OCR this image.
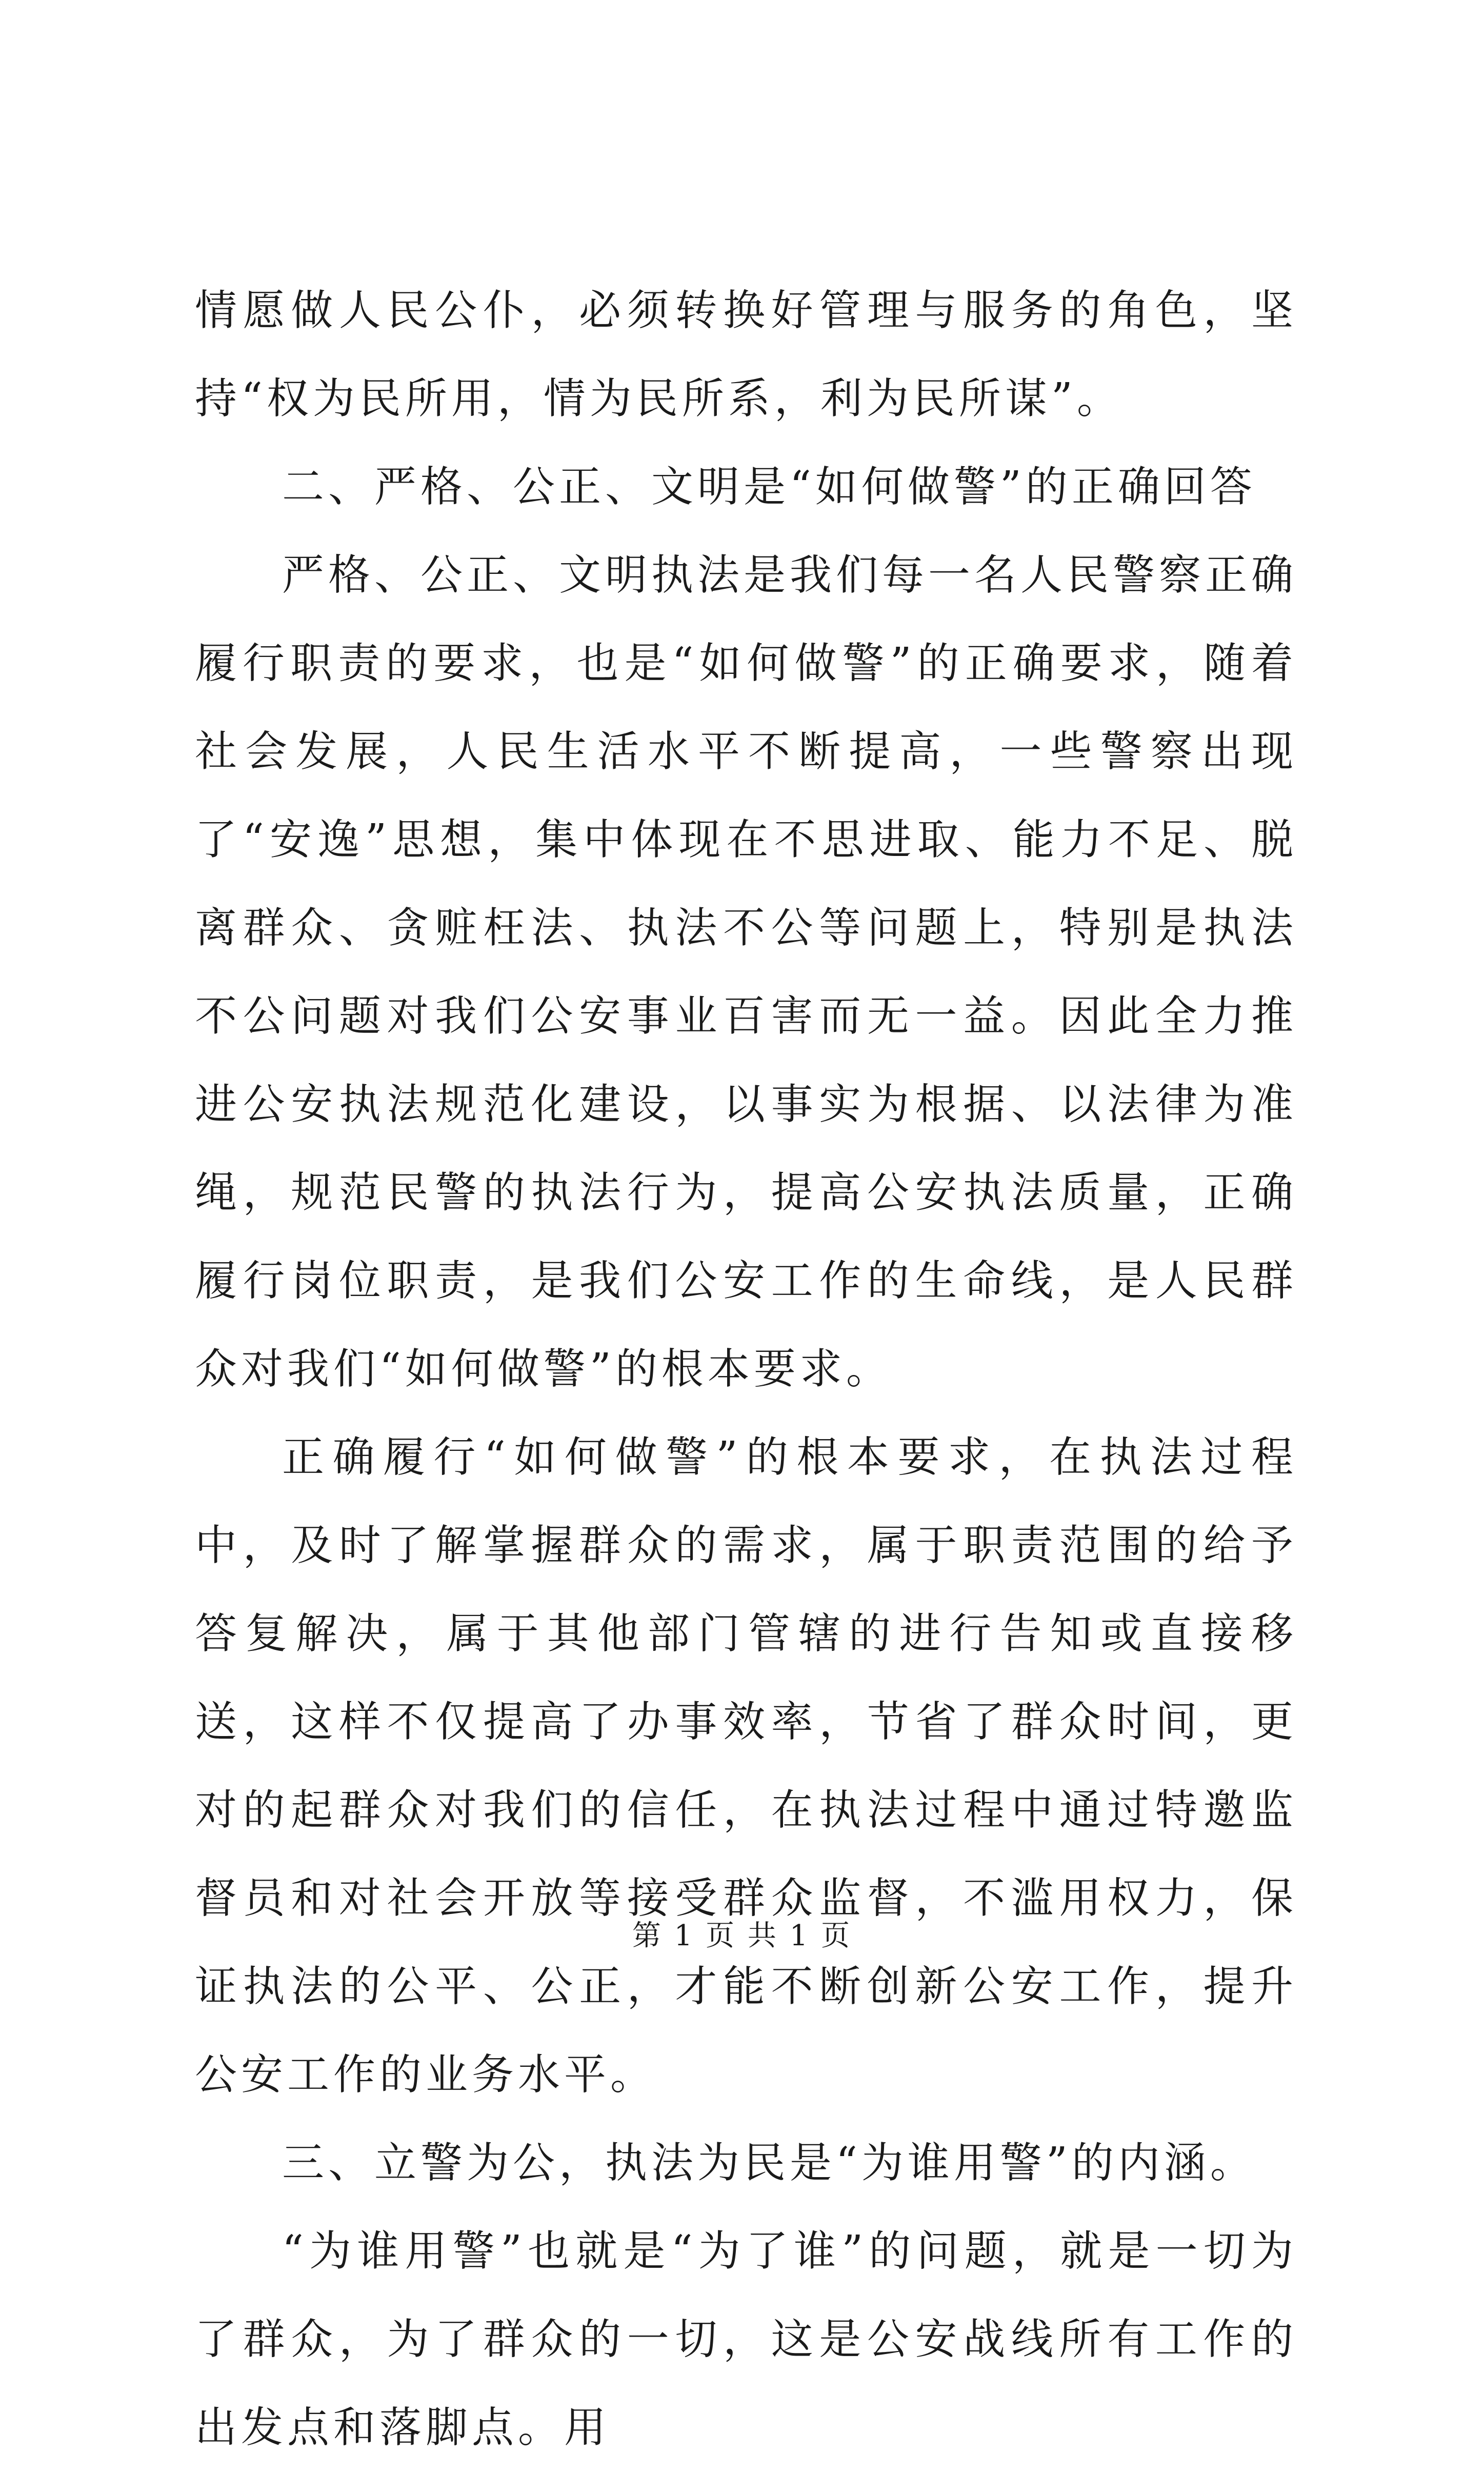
情愿做人民公仆，必须转换好管理与服务的角色，坚持“权为民所用，情为民所系，利为民所谋”。

二、严格、公正、文明是“如何做警”的正确回答

严格、公正、文明执法是我们每一名人民警察正确履行职责的要求，也是“如何做警”的正确要求，随着社会发展，人民生活水平不断提高，一些警察出现了“安逸”思想，集中体现在不思进取、能力不足、脱离群众、贪赃枉法、执法不公等问题上，特别是执法不公问题对我们公安事业百害而无一益。因此全力推进公安执法规范化建设，以事实为根据、以法律为准绳，规范民警的执法行为，提高公安执法质量，正确履行岗位职责，是我们公安工作的生命线，是人民群众对我们“如何做警”的根本要求。

正确履行“如何做警”的根本要求，在执法过程中，及时了解掌握群众的需求，属于职责范围的给予答复解决，属于其他部门管辖的进行告知或直接移送，这样不仅提高了办事效率，节省了群众时间，更对的起群众对我们的信任，在执法过程中通过特邀监督员和对社会开放等接受群众监督，不滥用权力，保证执法的公平、公正，才能不断创新公安工作，提升公安工作的业务水平。

三、立警为公，执法为民是“为谁用警”的内涵。

“为谁用警”也就是“为了谁”的问题，就是一切为了群众，为了群众的一切，这是公安战线所有工作的出发点和落脚点。用

第 1 页 共 1 页
